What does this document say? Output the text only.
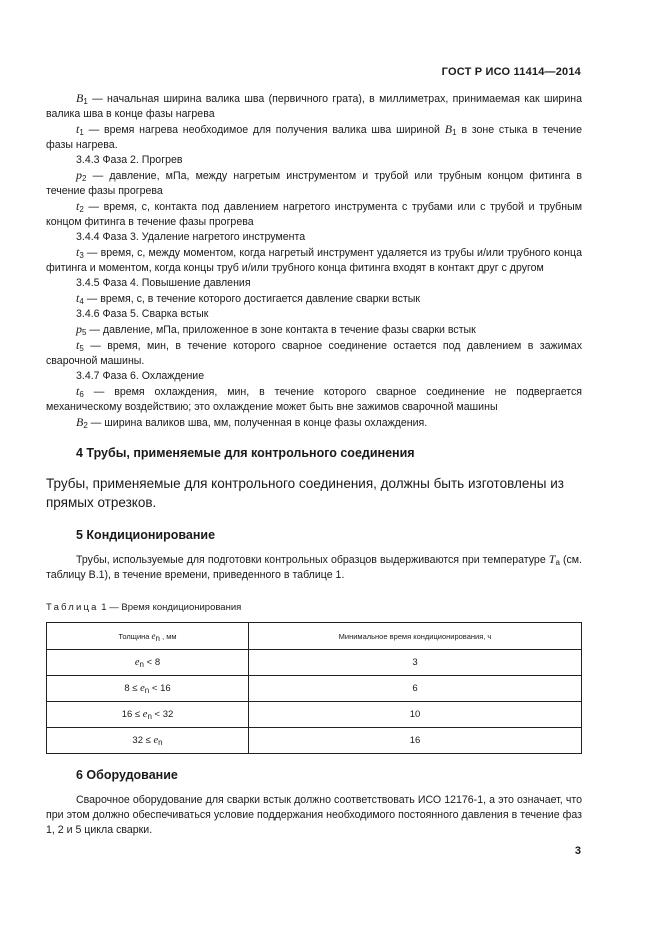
ГОСТ Р ИСО 11414—2014

$B_1$ — начальная ширина валика шва (первичного грата), в миллиметрах, принимаемая как ширина валика шва в конце фазы нагрева

$t_1$ — время нагрева необходимое для получения валика шва шириной $B_1$ в зоне стыка в течение фазы нагрева.

3.4.3 Фаза 2. Прогрев

$p_2$ — давление, мПа, между нагретым инструментом и трубой или трубным концом фитинга в течение фазы прогрева

$t_2$ — время, с, контакта под давлением нагретого инструмента с трубами или с трубой и трубным концом фитинга в течение фазы прогрева

3.4.4 Фаза 3. Удаление нагретого инструмента

$t_3$ — время, с, между моментом, когда нагретый инструмент удаляется из трубы и/или трубного конца фитинга и моментом, когда концы труб и/или трубного конца фитинга входят в контакт друг с другом

3.4.5 Фаза 4. Повышение давления

$t_4$ — время, с, в течение которого достигается давление сварки встык

3.4.6 Фаза 5. Сварка встык

$p_5$ — давление, мПа, приложенное в зоне контакта в течение фазы сварки встык

$t_5$ — время, мин, в течение которого сварное соединение остается под давлением в зажимах сварочной машины.

3.4.7 Фаза 6. Охлаждение

$t_6$ — время охлаждения, мин, в течение которого сварное соединение не подвергается механическому воздействию; это охлаждение может быть вне зажимов сварочной машины

$B_2$ — ширина валиков шва, мм, полученная в конце фазы охлаждения.

4 Трубы, применяемые для контрольного соединения

Трубы, применяемые для контрольного соединения, должны быть изготовлены из прямых отрезков.

5 Кондиционирование

Трубы, используемые для подготовки контрольных образцов выдерживаются при температуре $T_a$ (см. таблицу В.1), в течение времени, приведенного в таблице 1.

Таблица 1 — Время кондиционирования
Толщина $e_n$ , мм	Минимальное время кондиционирования, ч
$e_n < 8$	3
$8 \le e_n < 16$	6
$16 \le e_n < 32$	10
$32 \le e_n$	16
6 Оборудование

Сварочное оборудование для сварки встык должно соответствовать ИСО 12176-1, а это означает, что при этом должно обеспечиваться условие поддержания необходимого постоянного давления в течение фаз 1, 2 и 5 цикла сварки.

3
